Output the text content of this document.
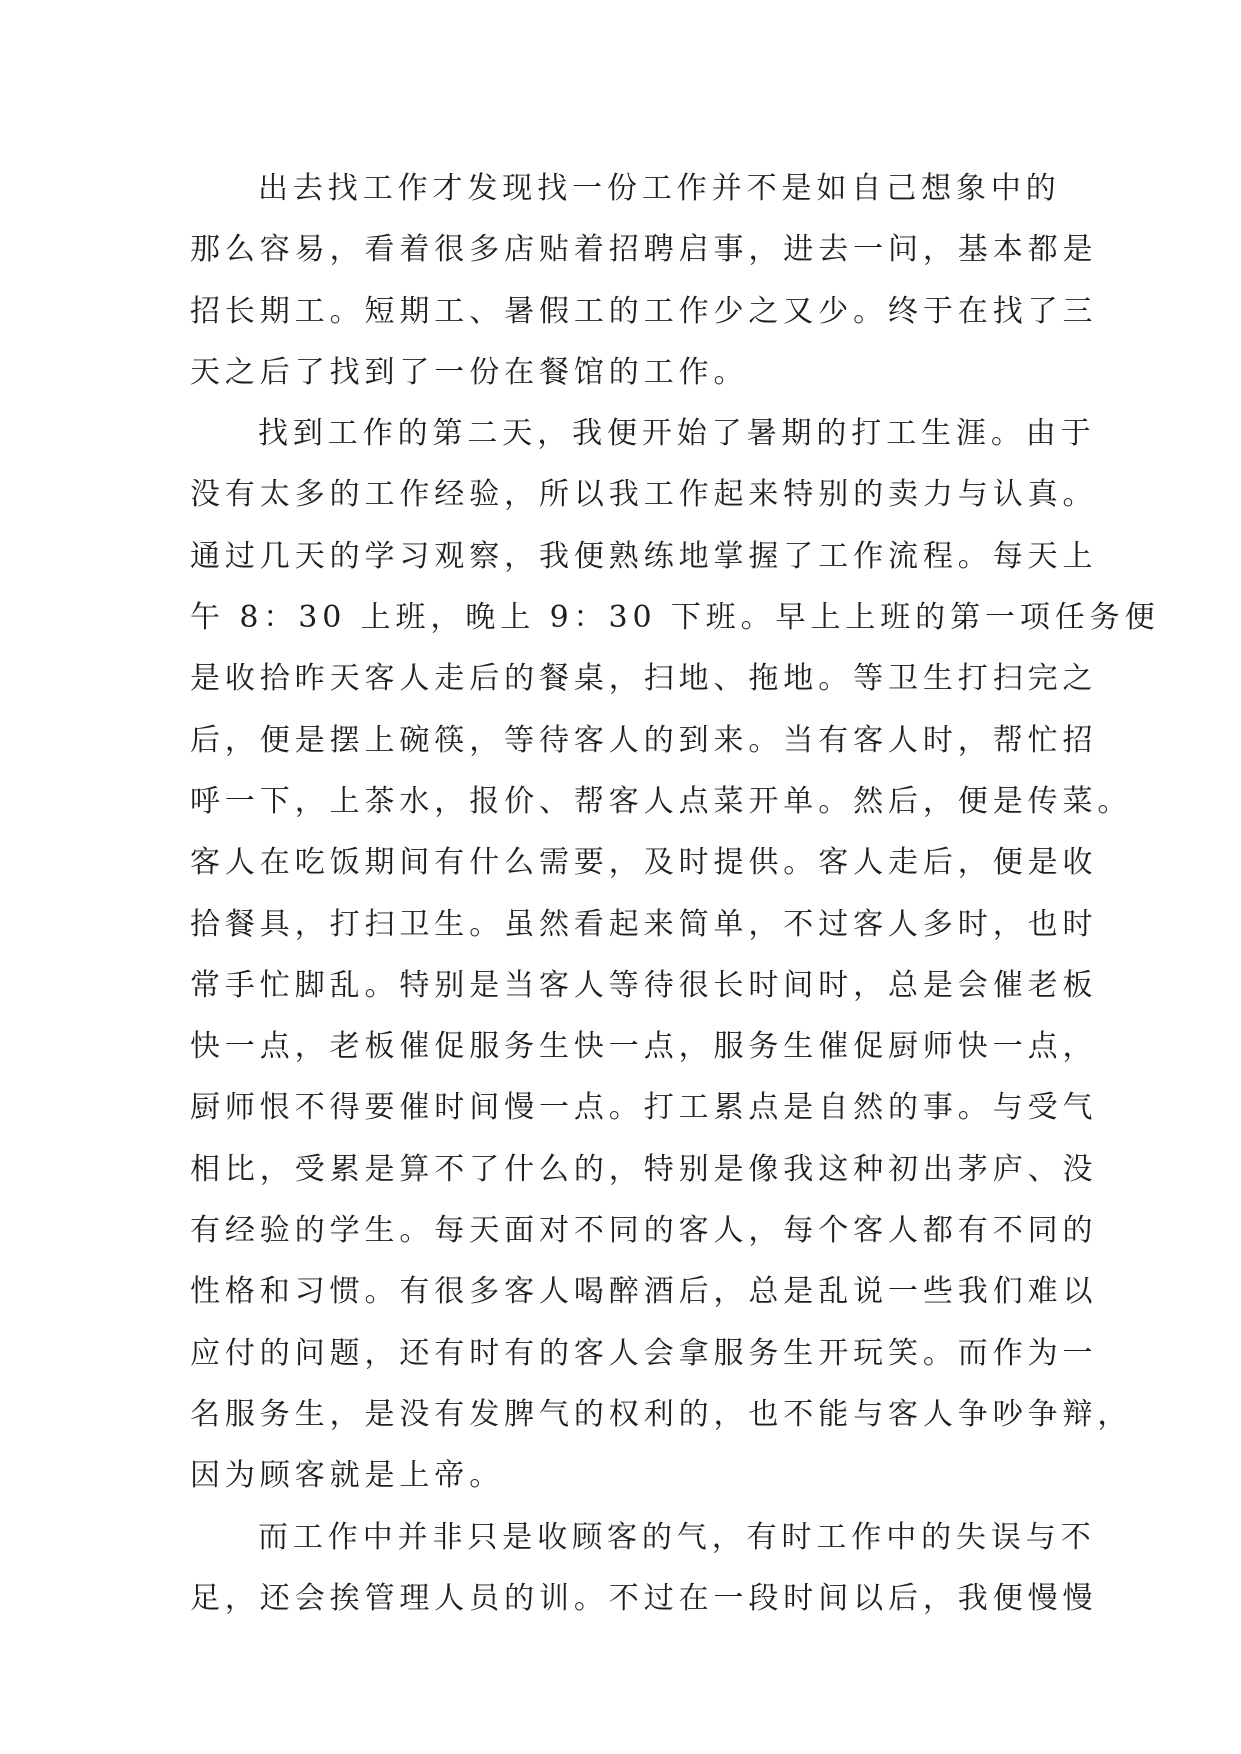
出去找工作才发现找一份工作并不是如自己想象中的
那么容易，看着很多店贴着招聘启事，进去一问，基本都是
招长期工。短期工、暑假工的工作少之又少。终于在找了三
天之后了找到了一份在餐馆的工作。
找到工作的第二天，我便开始了暑期的打工生涯。由于
没有太多的工作经验，所以我工作起来特别的卖力与认真。
通过几天的学习观察，我便熟练地掌握了工作流程。每天上
午 8：30 上班，晚上 9：30 下班。早上上班的第一项任务便
是收拾昨天客人走后的餐桌，扫地、拖地。等卫生打扫完之
后，便是摆上碗筷，等待客人的到来。当有客人时，帮忙招
呼一下，上茶水，报价、帮客人点菜开单。然后，便是传菜。
客人在吃饭期间有什么需要，及时提供。客人走后，便是收
拾餐具，打扫卫生。虽然看起来简单，不过客人多时，也时
常手忙脚乱。特别是当客人等待很长时间时，总是会催老板
快一点，老板催促服务生快一点，服务生催促厨师快一点，
厨师恨不得要催时间慢一点。打工累点是自然的事。与受气
相比，受累是算不了什么的，特别是像我这种初出茅庐、没
有经验的学生。每天面对不同的客人，每个客人都有不同的
性格和习惯。有很多客人喝醉酒后，总是乱说一些我们难以
应付的问题，还有时有的客人会拿服务生开玩笑。而作为一
名服务生，是没有发脾气的权利的，也不能与客人争吵争辩，
因为顾客就是上帝。
而工作中并非只是收顾客的气，有时工作中的失误与不
足，还会挨管理人员的训。不过在一段时间以后，我便慢慢
